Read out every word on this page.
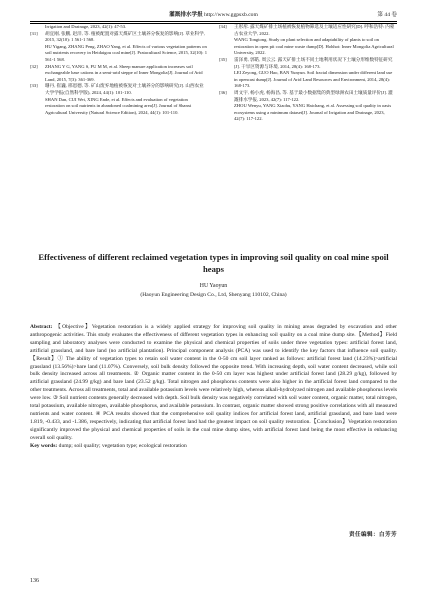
灌溉排水学报 http://www.ggpsxb.com	第 44 卷
Irrigation and Drainage, 2023, 42(1): 47-53.
[31]	胡宜刚, 张鹏, 赵洋, 等. 植被配置对露天煤矿区土壤养分恢复的影响[J]. 草业科学, 2015, 32(10): 1 561-1 568.
HU Yigang, ZHANG Peng, ZHAO Yang, et al. Effects of various vegetation patterns on soil nutrients recovery in Heidaigou coal mine[J]. Pratacultural Science, 2015, 32(10): 1 561-1 568.
[32]	ZHANG Y G, YANG S, FU M M, et al. Sheep manure application increases soil exchangeable base cations in a semi-arid steppe of Inner Mongolia[J]. Journal of Arid Land, 2015, 7(3): 361-369.
[33]	珊丹, 崔巍, 邢恩德, 等. 矿山废弃地植被恢复对土壤养分的影响研究[J]. 山西农业大学学报(自然科学版), 2024, 44(1): 101-110.
SHAN Dan, CUI Wei, XING Ende, et al. Effects and evaluation of vegetation restoration on soil nutrients in abandoned coalmining area[J]. Journal of Shanxi Agricultural University (Natural Science Edition), 2024, 44(1): 101-110.
[34]	王彤彤. 露天煤矿排土场植被恢复植物筛选及土壤适应性研究[D]. 呼和浩特: 内蒙古农业大学, 2022.
WANG Tongtong. Study on plant selection and adaptability of plants to soil on restoration in open pit coal mine waste dump[D]. Hohhot: Inner Mongolia Agricultural University, 2022.
[35]	雷泽勇, 郭皓, 周云云. 露天矿排土场不同土地利用状况下土壤分形维数特征研究[J]. 干旱区资源与环境, 2014, 28(4): 168-173.
LEI Zeyong, GUO Hao, BAN Yunyun. Soil fractal dimension under different land use in opencast dump[J]. Journal of Arid Land Resources and Environment, 2014, 28(4): 168-173.
[36]	周文宇, 杨小虎, 杨海昌, 等. 基于最小数据集的典型绿洲农田土壤质量评价[J]. 灌溉排水学报, 2023, 42(7): 117-122.
ZHOU Wenyu, YANG Xiaohu, YANG Haichang, et al. Assessing soil quality in oasis ecosystems using a minimum dataset[J]. Journal of Irrigation and Drainage, 2023, 42(7): 117-122.
Effectiveness of different reclaimed vegetation types in improving soil quality on coal mine spoil heaps
HU Yaoyun
(Haoyun Engineering Design Co., Ltd, Shenyang 110102, China)
Abstract: 【Objective】Vegetation restoration is a widely applied strategy for improving soil quality in mining areas degraded by excavation and other anthropogenic activities. This study evaluates the effectiveness of different vegetation types in enhancing soil quality on a coal mine dump site.【Method】Field sampling and laboratory analyses were conducted to examine the physical and chemical properties of soils under three vegetation types: artificial forest land, artificial grassland, and bare land (no artificial plantation). Principal component analysis (PCA) was used to identify the key factors that influence soil quality.【Result】① The ability of vegetation types to retain soil water content in the 0-50 cm soil layer ranked as follows: artificial forest land (14.23%)>artificial grassland (13.56%)>bare land (11.07%). Conversely, soil bulk density followed the opposite trend. With increasing depth, soil water content decreased, while soil bulk density increased across all treatments. ② Organic matter content in the 0-50 cm layer was highest under artificial forest land (28.29 g/kg), followed by artificial grassland (24.99 g/kg) and bare land (23.52 g/kg). Total nitrogen and phosphorus contents were also higher in the artificial forest land compared to the other treatments. Across all treatments, total and available potassium levels were relatively high, whereas alkali-hydrolyzed nitrogen and available phosphorus levels were low. ③ Soil nutrient contents generally decreased with depth. Soil bulk density was negatively correlated with soil water content, organic matter, total nitrogen, total potassium, available nitrogen, available phosphorus, and available potassium. In contrast, organic matter showed strong positive correlations with all measured nutrients and water content. ④ PCA results showed that the comprehensive soil quality indices for artificial forest land, artificial grassland, and bare land were 1.819, -0.433, and -1.386, respectively, indicating that artificial forest land had the greatest impact on soil quality restoration.【Conclusion】Vegetation restoration significantly improved the physical and chemical properties of soils in the coal mine dump sites, with artificial forest land being the most effective in enhancing overall soil quality.
Key words: dump; soil quality; vegetation type; ecological restoration
责任编辑：白芳芳
136
